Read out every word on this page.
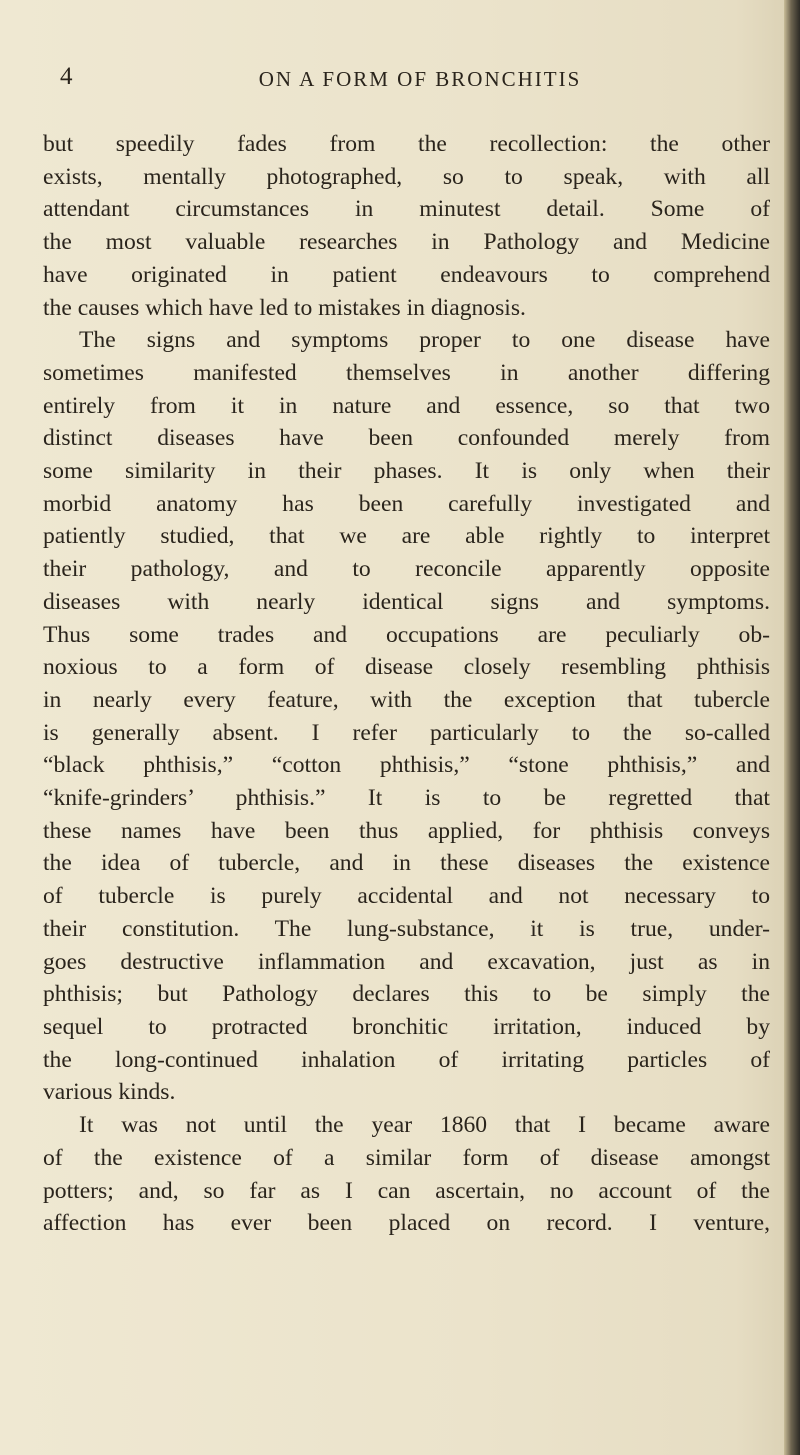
4	ON A FORM OF BRONCHITIS
but speedily fades from the recollection: the other
exists, mentally photographed, so to speak, with all
attendant circumstances in minutest detail. Some of
the most valuable researches in Pathology and Medicine
have originated in patient endeavours to comprehend
the causes which have led to mistakes in diagnosis.
The signs and symptoms proper to one disease have
sometimes manifested themselves in another differing
entirely from it in nature and essence, so that two
distinct diseases have been confounded merely from
some similarity in their phases. It is only when their
morbid anatomy has been carefully investigated and
patiently studied, that we are able rightly to interpret
their pathology, and to reconcile apparently opposite
diseases with nearly identical signs and symptoms.
Thus some trades and occupations are peculiarly ob-
noxious to a form of disease closely resembling phthisis
in nearly every feature, with the exception that tubercle
is generally absent. I refer particularly to the so-called
“black phthisis,” “cotton phthisis,” “stone phthisis,” and
“knife-grinders’ phthisis.” It is to be regretted that
these names have been thus applied, for phthisis conveys
the idea of tubercle, and in these diseases the existence
of tubercle is purely accidental and not necessary to
their constitution. The lung-substance, it is true, under-
goes destructive inflammation and excavation, just as in
phthisis; but Pathology declares this to be simply the
sequel to protracted bronchitic irritation, induced by
the long-continued inhalation of irritating particles of
various kinds.
It was not until the year 1860 that I became aware
of the existence of a similar form of disease amongst
potters; and, so far as I can ascertain, no account of the
affection has ever been placed on record. I venture,
